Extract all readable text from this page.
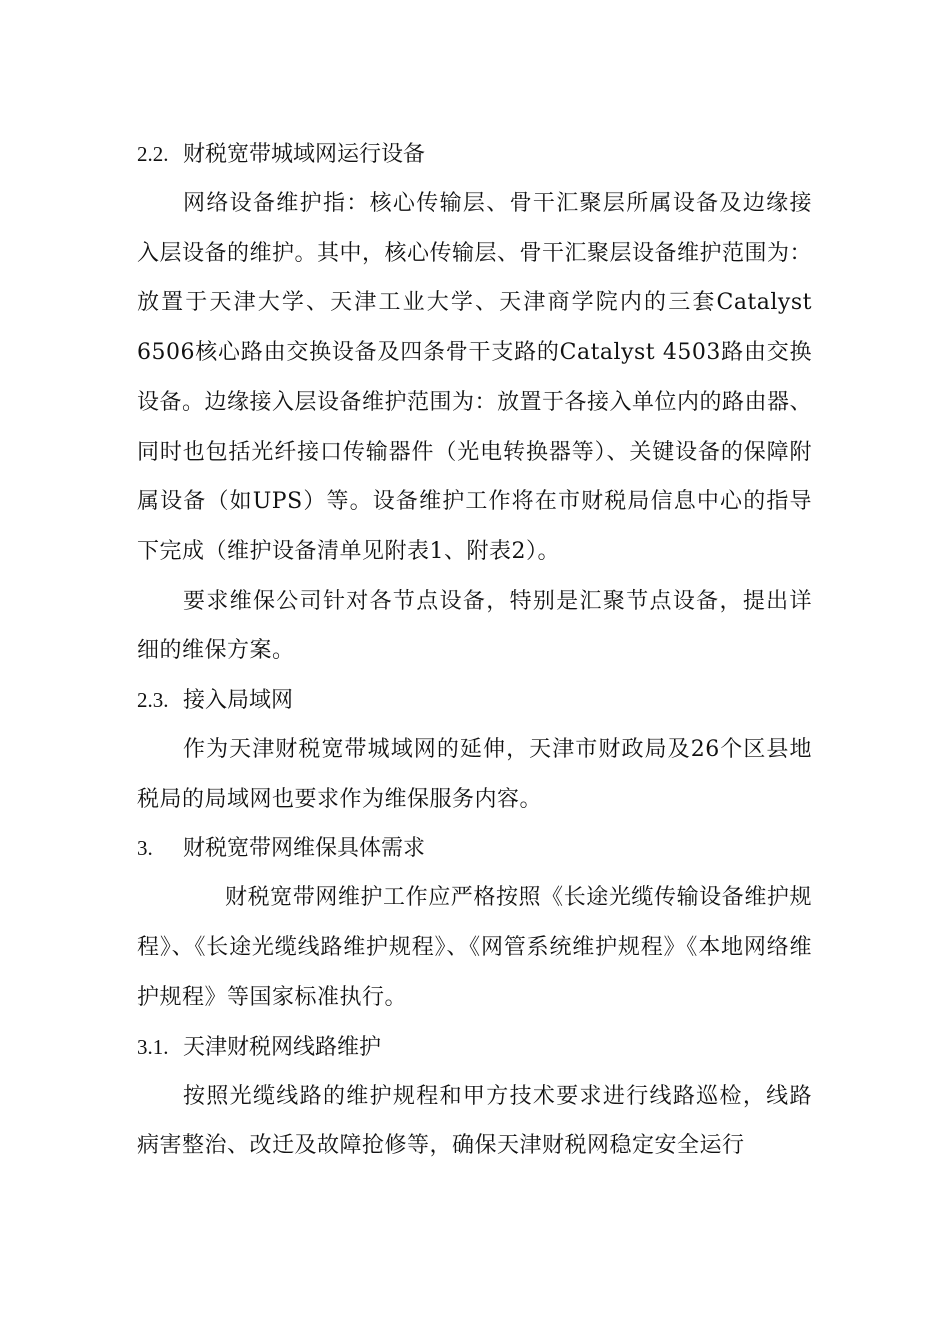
2.2. 财税宽带城域网运行设备

网络设备维护指：核心传输层、骨干汇聚层所属设备及边缘接入层设备的维护。其中，核心传输层、骨干汇聚层设备维护范围为：放置于天津大学、天津工业大学、天津商学院内的三套Catalyst 6506核心路由交换设备及四条骨干支路的Catalyst 4503路由交换设备。边缘接入层设备维护范围为：放置于各接入单位内的路由器、同时也包括光纤接口传输器件（光电转换器等）、关键设备的保障附属设备（如UPS）等。设备维护工作将在市财税局信息中心的指导下完成（维护设备清单见附表1、附表2）。

要求维保公司针对各节点设备，特别是汇聚节点设备，提出详细的维保方案。

2.3. 接入局域网

作为天津财税宽带城域网的延伸，天津市财政局及26个区县地税局的局域网也要求作为维保服务内容。

3. 财税宽带网维保具体需求

财税宽带网维护工作应严格按照《长途光缆传输设备维护规程》、《长途光缆线路维护规程》、《网管系统维护规程》《本地网络维护规程》等国家标准执行。

3.1. 天津财税网线路维护

按照光缆线路的维护规程和甲方技术要求进行线路巡检，线路病害整治、改迁及故障抢修等，确保天津财税网稳定安全运行
